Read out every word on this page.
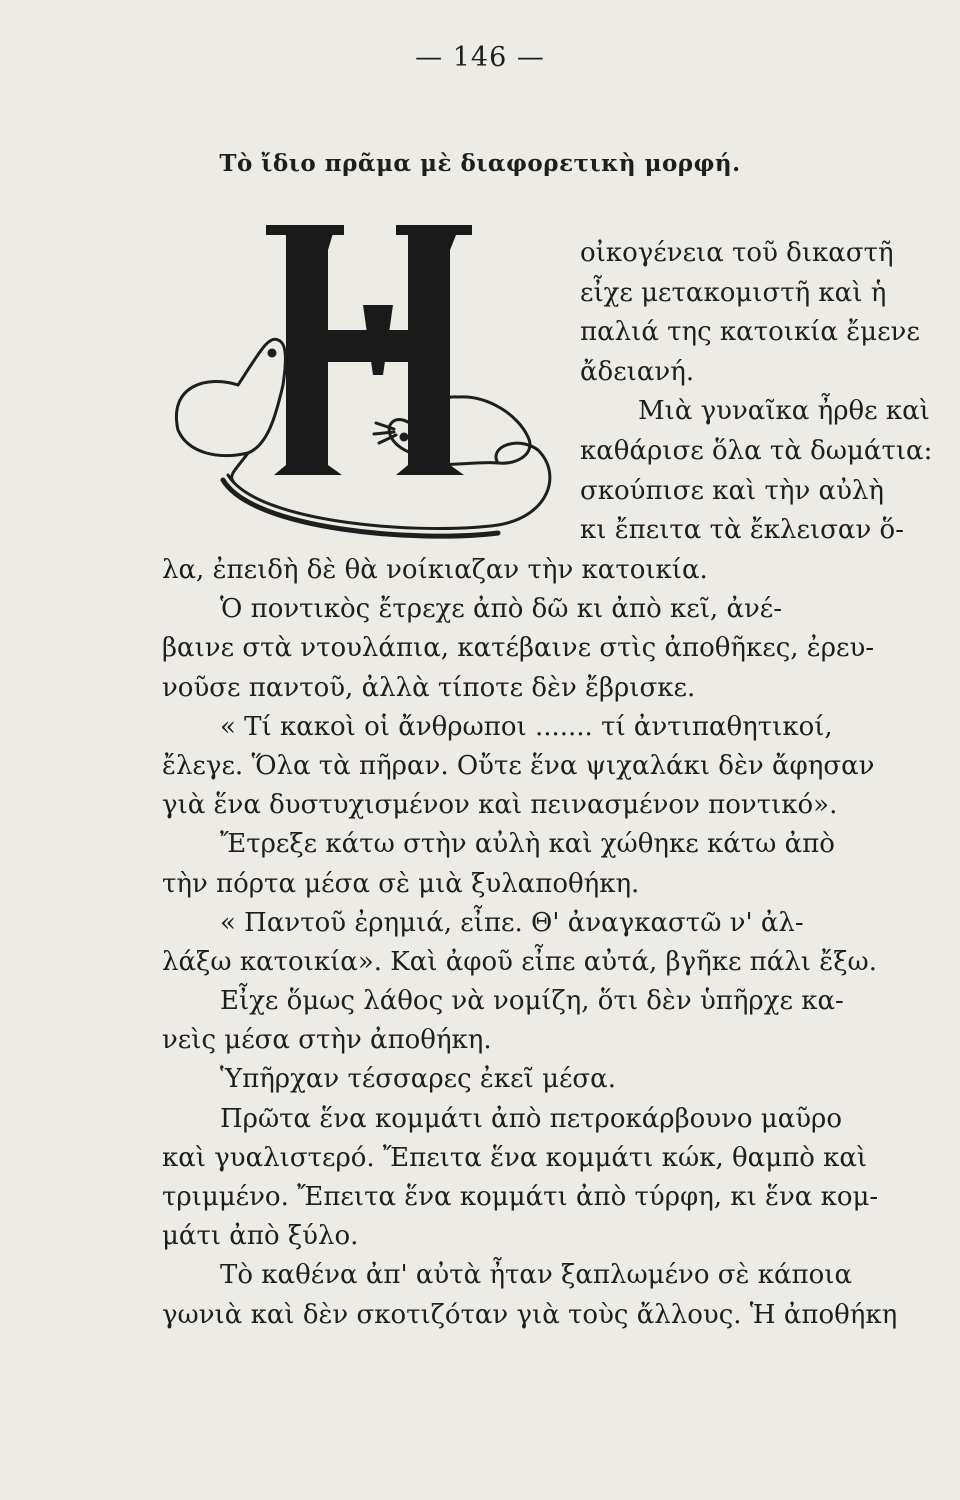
— 146 —
Τὸ ἴδιο πρᾶμα μὲ διαφορετικὴ μορφή.
οἰκογένεια τοῦ δικαστῆ
εἶχε μετακομιστῆ καὶ ἡ
παλιά της κατοικία ἔμενε
ἄδειανή.
Μιὰ γυναῖκα ἦρθε καὶ
καθάρισε ὅλα τὰ δωμάτια:
σκούπισε καὶ τὴν αὐλὴ
κι ἔπειτα τὰ ἔκλεισαν ὅ-
λα, ἐπειδὴ δὲ θὰ νοίκιαζαν τὴν κατοικία.
Ὁ ποντικὸς ἔτρεχε ἀπὸ δῶ κι ἀπὸ κεῖ, ἀνέ-
βαινε στὰ ντουλάπια, κατέβαινε στὶς ἀποθῆκες, ἐρευ-
νοῦσε παντοῦ, ἀλλὰ τίποτε δὲν ἔβρισκε.
« Τί κακοὶ οἱ ἄνθρωποι ....... τί ἀντιπαθητικοί,
ἔλεγε. Ὅλα τὰ πῆραν. Οὔτε ἕνα ψιχαλάκι δὲν ἄφησαν
γιὰ ἕνα δυστυχισμένον καὶ πεινασμένον ποντικό».
Ἔτρεξε κάτω στὴν αὐλὴ καὶ χώθηκε κάτω ἀπὸ
τὴν πόρτα μέσα σὲ μιὰ ξυλαποθήκη.
« Παντοῦ ἐρημιά, εἶπε. Θ' ἀναγκαστῶ ν' ἀλ-
λάξω κατοικία». Καὶ ἀφοῦ εἶπε αὐτά, βγῆκε πάλι ἔξω.
Εἶχε ὅμως λάθος νὰ νομίζη, ὅτι δὲν ὑπῆρχε κα-
νεὶς μέσα στὴν ἀποθήκη.
Ὑπῆρχαν τέσσαρες ἐκεῖ μέσα.
Πρῶτα ἕνα κομμάτι ἀπὸ πετροκάρβουνο μαῦρο
καὶ γυαλιστερό. Ἔπειτα ἕνα κομμάτι κώκ, θαμπὸ καὶ
τριμμένο. Ἔπειτα ἕνα κομμάτι ἀπὸ τύρφη, κι ἕνα κομ-
μάτι ἀπὸ ξύλο.
Τὸ καθένα ἀπ' αὐτὰ ἦταν ξαπλωμένο σὲ κάποια
γωνιὰ καὶ δὲν σκοτιζόταν γιὰ τοὺς ἄλλους. Ἡ ἀποθήκη
